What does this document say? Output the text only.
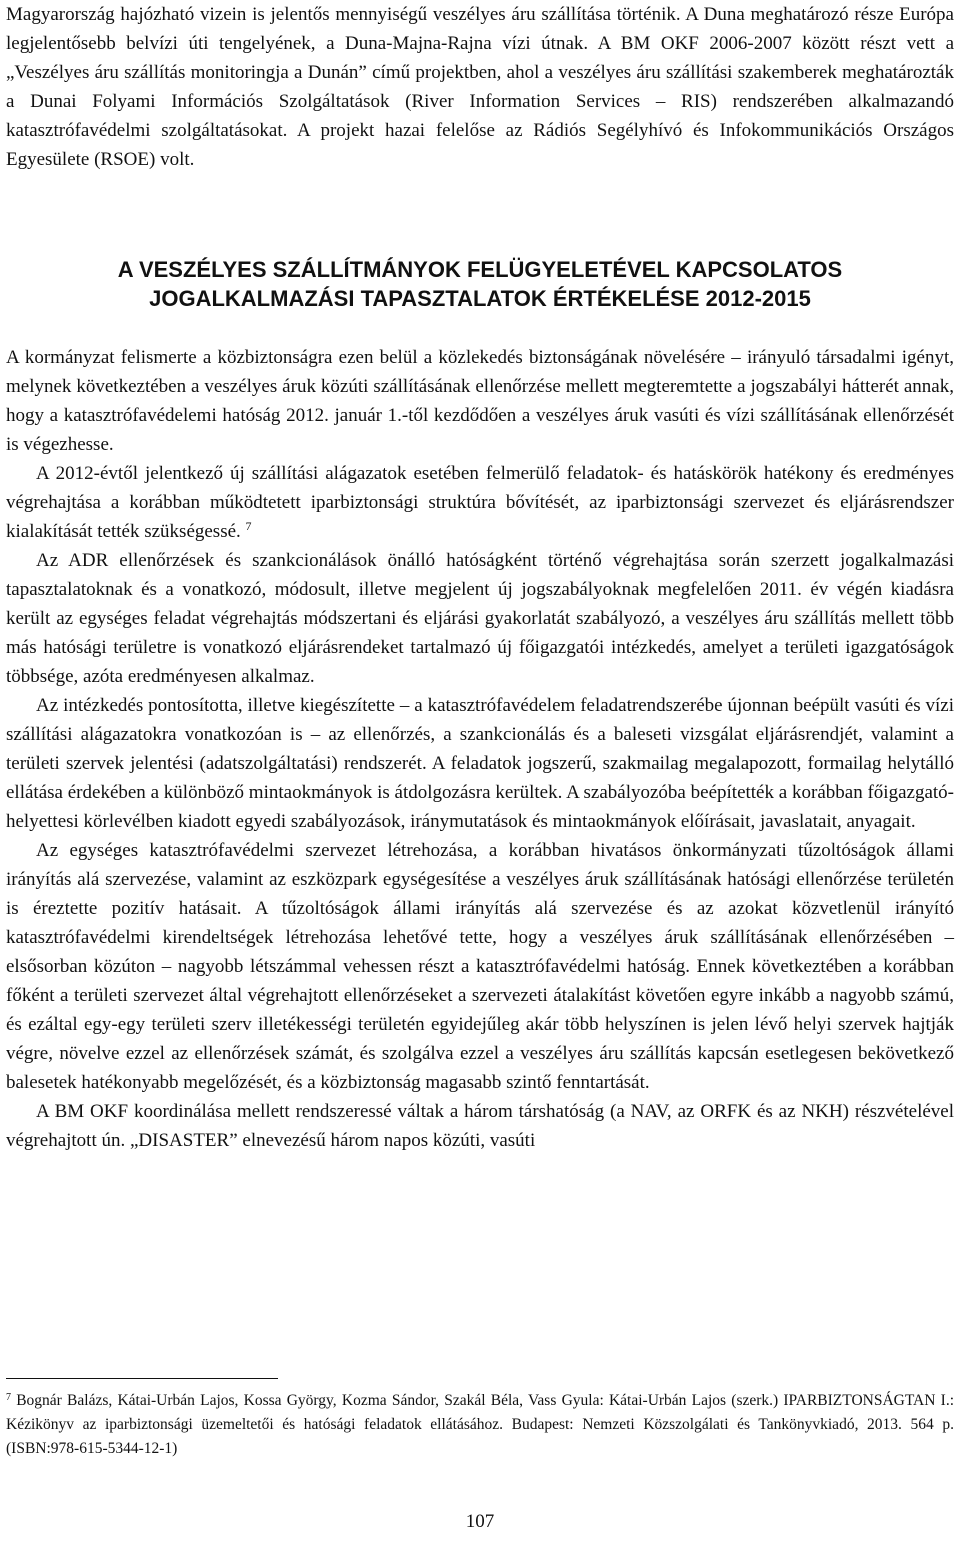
Magyarország hajózható vizein is jelentős mennyiségű veszélyes áru szállítása történik. A Duna meghatározó része Európa legjelentősebb belvízi úti tengelyének, a Duna-Majna-Rajna vízi útnak. A BM OKF 2006-2007 között részt vett a „Veszélyes áru szállítás monitoringja a Dunán” című projektben, ahol a veszélyes áru szállítási szakemberek meghatározták a Dunai Folyami Információs Szolgáltatások (River Information Services – RIS) rendszerében alkalmazandó katasztrófavédelmi szolgáltatásokat. A projekt hazai felelőse az Rádiós Segélyhívó és Infokommunikációs Országos Egyesülete (RSOE) volt.

A VESZÉLYES SZÁLLÍTMÁNYOK FELÜGYELETÉVEL KAPCSOLATOS
JOGALKALMAZÁSI TAPASZTALATOK ÉRTÉKELÉSE 2012-2015

A kormányzat felismerte a közbiztonságra ezen belül a közlekedés biztonságának növelésére – irányuló társadalmi igényt, melynek következtében a veszélyes áruk közúti szállításának ellenőrzése mellett megteremtette a jogszabályi hátterét annak, hogy a katasztrófavédelemi hatóság 2012. január 1.-től kezdődően a veszélyes áruk vasúti és vízi szállításának ellenőrzését is végezhesse.

A 2012-évtől jelentkező új szállítási alágazatok esetében felmerülő feladatok- és hatáskörök hatékony és eredményes végrehajtása a korábban működtetett iparbiztonsági struktúra bővítését, az iparbiztonsági szervezet és eljárásrendszer kialakítását tették szükségessé. $^7$

Az ADR ellenőrzések és szankcionálások önálló hatóságként történő végrehajtása során szerzett jogalkalmazási tapasztalatoknak és a vonatkozó, módosult, illetve megjelent új jogszabályoknak megfelelően 2011. év végén kiadásra került az egységes feladat végrehajtás módszertani és eljárási gyakorlatát szabályozó, a veszélyes áru szállítás mellett több más hatósági területre is vonatkozó eljárásrendeket tartalmazó új főigazgatói intézkedés, amelyet a területi igazgatóságok többsége, azóta eredményesen alkalmaz.

Az intézkedés pontosította, illetve kiegészítette – a katasztrófavédelem feladatrendszerébe újonnan beépült vasúti és vízi szállítási alágazatokra vonatkozóan is – az ellenőrzés, a szankcionálás és a baleseti vizsgálat eljárásrendjét, valamint a területi szervek jelentési (adatszolgáltatási) rendszerét. A feladatok jogszerű, szakmailag megalapozott, formailag helytálló ellátása érdekében a különböző mintaokmányok is átdolgozásra kerültek. A szabályozóba beépítették a korábban főigazgató-helyettesi körlevélben kiadott egyedi szabályozások, iránymutatások és mintaokmányok előírásait, javaslatait, anyagait.

Az egységes katasztrófavédelmi szervezet létrehozása, a korábban hivatásos önkormányzati tűzoltóságok állami irányítás alá szervezése, valamint az eszközpark egységesítése a veszélyes áruk szállításának hatósági ellenőrzése területén is éreztette pozitív hatásait. A tűzoltóságok állami irányítás alá szervezése és az azokat közvetlenül irányító katasztrófavédelmi kirendeltségek létrehozása lehetővé tette, hogy a veszélyes áruk szállításának ellenőrzésében – elsősorban közúton – nagyobb létszámmal vehessen részt a katasztrófavédelmi hatóság. Ennek következtében a korábban főként a területi szervezet által végrehajtott ellenőrzéseket a szervezeti átalakítást követően egyre inkább a nagyobb számú, és ezáltal egy-egy területi szerv illetékességi területén egyidejűleg akár több helyszínen is jelen lévő helyi szervek hajtják végre, növelve ezzel az ellenőrzések számát, és szolgálva ezzel a veszélyes áru szállítás kapcsán esetlegesen bekövetkező balesetek hatékonyabb megelőzését, és a közbiztonság magasabb szintő fenntartását.

A BM OKF koordinálása mellett rendszeressé váltak a három társhatóság (a NAV, az ORFK és az NKH) részvételével végrehajtott ún. „DISASTER” elnevezésű három napos közúti, vasúti

$^7$ Bognár Balázs, Kátai-Urbán Lajos, Kossa György, Kozma Sándor, Szakál Béla, Vass Gyula: Kátai-Urbán Lajos (szerk.) IPARBIZTONSÁGTAN I.: Kézikönyv az iparbiztonsági üzemeltetői és hatósági feladatok ellátásához. Budapest: Nemzeti Közszolgálati és Tankönyvkiadó, 2013. 564 p. (ISBN:978-615-5344-12-1)
107
